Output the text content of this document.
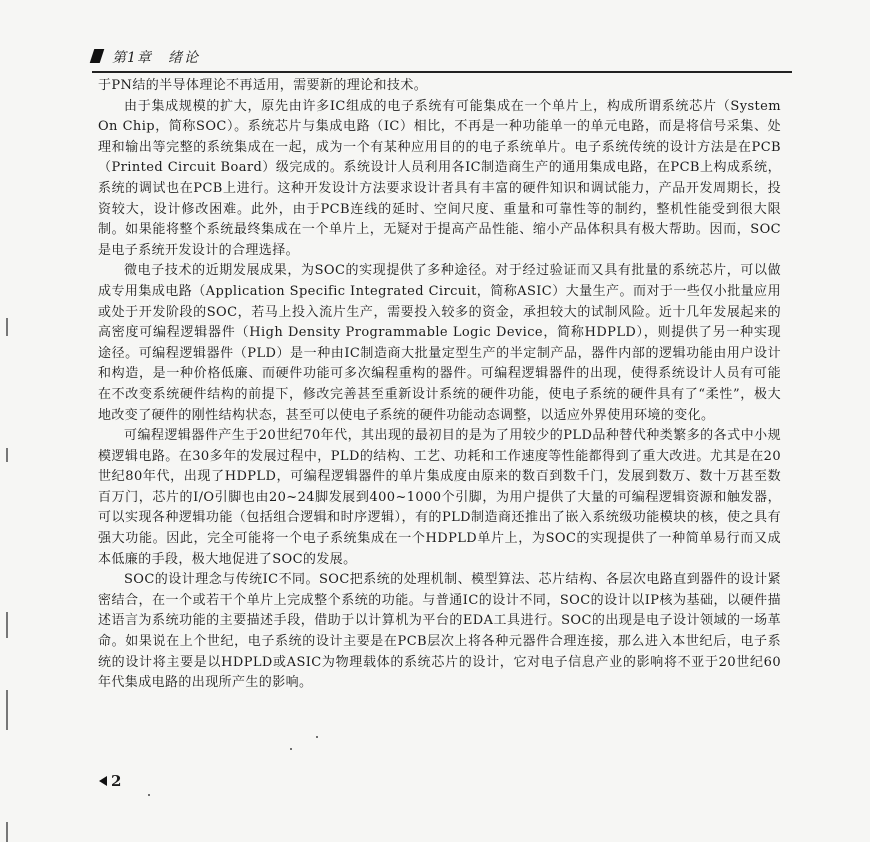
第1章 绪论

于PN结的半导体理论不再适用，需要新的理论和技术。

由于集成规模的扩大，原先由许多IC组成的电子系统有可能集成在一个单片上，构成所谓系统芯片（System On Chip，简称SOC）。系统芯片与集成电路（IC）相比，不再是一种功能单一的单元电路，而是将信号采集、处理和输出等完整的系统集成在一起，成为一个有某种应用目的的电子系统单片。电子系统传统的设计方法是在PCB（Printed Circuit Board）级完成的。系统设计人员利用各IC制造商生产的通用集成电路，在PCB上构成系统，系统的调试也在PCB上进行。这种开发设计方法要求设计者具有丰富的硬件知识和调试能力，产品开发周期长，投资较大，设计修改困难。此外，由于PCB连线的延时、空间尺度、重量和可靠性等的制约，整机性能受到很大限制。如果能将整个系统最终集成在一个单片上，无疑对于提高产品性能、缩小产品体积具有极大帮助。因而，SOC是电子系统开发设计的合理选择。

微电子技术的近期发展成果，为SOC的实现提供了多种途径。对于经过验证而又具有批量的系统芯片，可以做成专用集成电路（Application Specific Integrated Circuit，简称ASIC）大量生产。而对于一些仅小批量应用或处于开发阶段的SOC，若马上投入流片生产，需要投入较多的资金，承担较大的试制风险。近十几年发展起来的高密度可编程逻辑器件（High Density Programmable Logic Device，简称HDPLD），则提供了另一种实现途径。可编程逻辑器件（PLD）是一种由IC制造商大批量定型生产的半定制产品，器件内部的逻辑功能由用户设计和构造，是一种价格低廉、而硬件功能可多次编程重构的器件。可编程逻辑器件的出现，使得系统设计人员有可能在不改变系统硬件结构的前提下，修改完善甚至重新设计系统的硬件功能，使电子系统的硬件具有了“柔性”，极大地改变了硬件的刚性结构状态，甚至可以使电子系统的硬件功能动态调整，以适应外界使用环境的变化。

可编程逻辑器件产生于20世纪70年代，其出现的最初目的是为了用较少的PLD品种替代种类繁多的各式中小规模逻辑电路。在30多年的发展过程中，PLD的结构、工艺、功耗和工作速度等性能都得到了重大改进。尤其是在20世纪80年代，出现了HDPLD，可编程逻辑器件的单片集成度由原来的数百到数千门，发展到数万、数十万甚至数百万门，芯片的I/O引脚也由20~24脚发展到400~1000个引脚，为用户提供了大量的可编程逻辑资源和触发器，可以实现各种逻辑功能（包括组合逻辑和时序逻辑），有的PLD制造商还推出了嵌入系统级功能模块的核，使之具有强大功能。因此，完全可能将一个电子系统集成在一个HDPLD单片上，为SOC的实现提供了一种简单易行而又成本低廉的手段，极大地促进了SOC的发展。

SOC的设计理念与传统IC不同。SOC把系统的处理机制、模型算法、芯片结构、各层次电路直到器件的设计紧密结合，在一个或若干个单片上完成整个系统的功能。与普通IC的设计不同，SOC的设计以IP核为基础，以硬件描述语言为系统功能的主要描述手段，借助于以计算机为平台的EDA工具进行。SOC的出现是电子设计领域的一场革命。如果说在上个世纪，电子系统的设计主要是在PCB层次上将各种元器件合理连接，那么进入本世纪后，电子系统的设计将主要是以HDPLD或ASIC为物理载体的系统芯片的设计，它对电子信息产业的影响将不亚于20世纪60年代集成电路的出现所产生的影响。

2
